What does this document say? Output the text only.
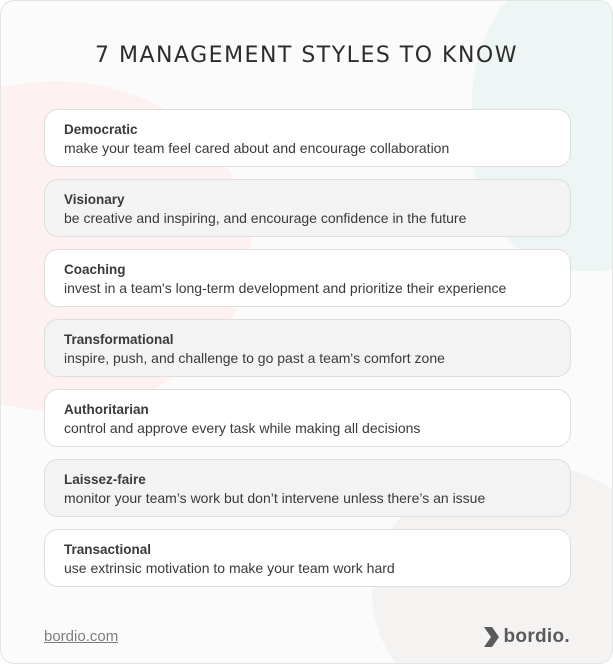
7 MANAGEMENT STYLES TO KNOW
Democratic
make your team feel cared about and encourage collaboration
Visionary
be creative and inspiring, and encourage confidence in the future
Coaching
invest in a team's long-term development and prioritize their experience
Transformational
inspire, push, and challenge to go past a team's comfort zone
Authoritarian
control and approve every task while making all decisions
Laissez-faire
monitor your team’s work but don’t intervene unless there’s an issue
Transactional
use extrinsic motivation to make your team work hard
bordio.com	bordio.
